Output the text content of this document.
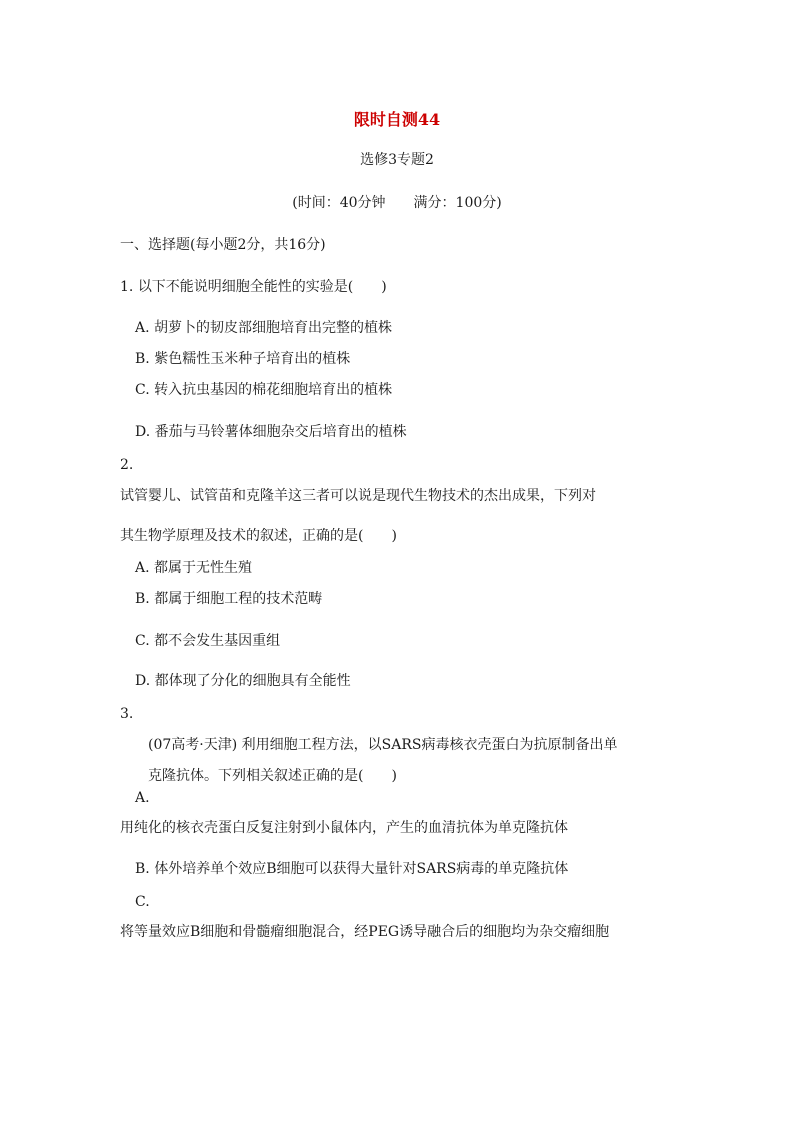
限时自测44
选修3专题2
(时间：40分钟 满分：100分)
一、选择题(每小题2分，共16分)
1. 以下不能说明细胞全能性的实验是(　　)
A. 胡萝卜的韧皮部细胞培育出完整的植株
B. 紫色糯性玉米种子培育出的植株
C. 转入抗虫基因的棉花细胞培育出的植株
D. 番茄与马铃薯体细胞杂交后培育出的植株
2.
试管婴儿、试管苗和克隆羊这三者可以说是现代生物技术的杰出成果，下列对
其生物学原理及技术的叙述，正确的是(　　)
A. 都属于无性生殖
B. 都属于细胞工程的技术范畴
C. 都不会发生基因重组
D. 都体现了分化的细胞具有全能性
3.
(07高考·天津) 利用细胞工程方法，以SARS病毒核衣壳蛋白为抗原制备出单
克隆抗体。下列相关叙述正确的是(　　)
A.
用纯化的核衣壳蛋白反复注射到小鼠体内，产生的血清抗体为单克隆抗体
B. 体外培养单个效应B细胞可以获得大量针对SARS病毒的单克隆抗体
C.
将等量效应B细胞和骨髓瘤细胞混合，经PEG诱导融合后的细胞均为杂交瘤细胞
